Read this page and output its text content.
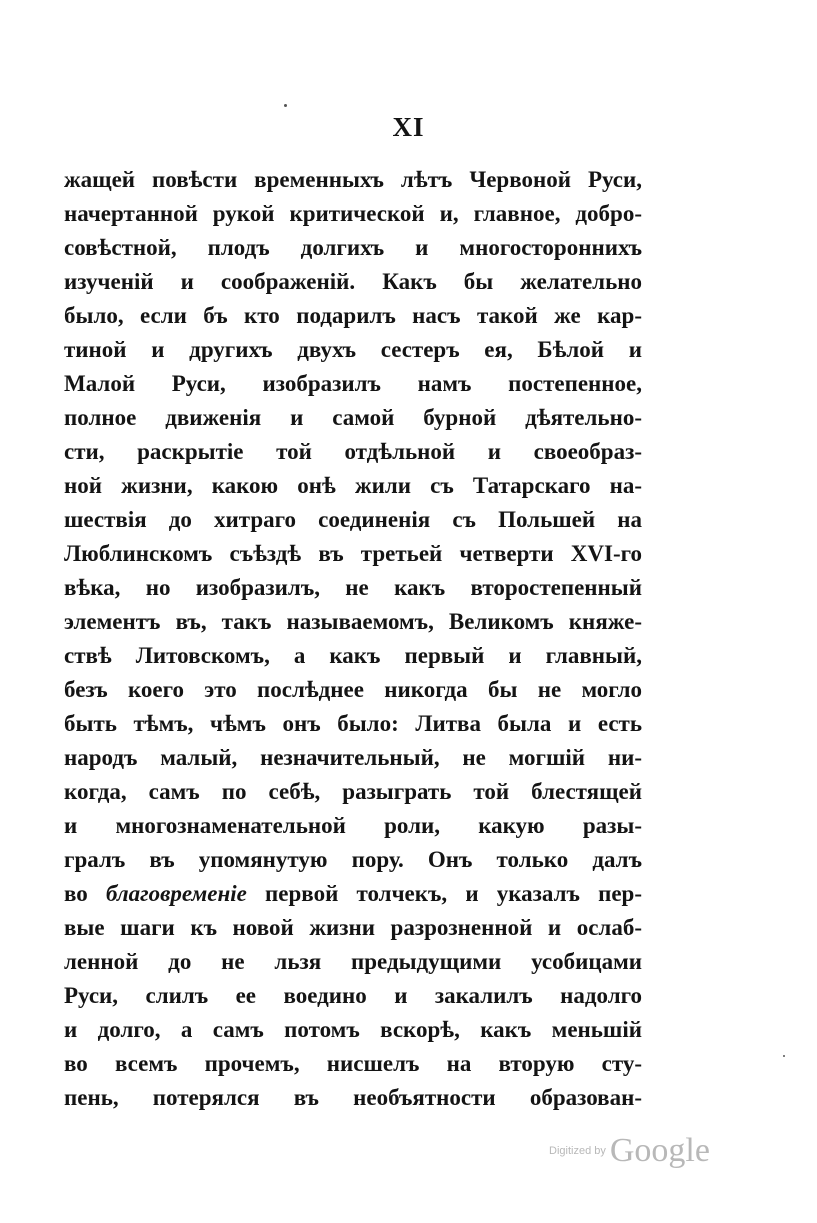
XI
жащей повѣсти временныхъ лѣтъ Червоной Руси,
начертанной рукой критической и, главное, добро-
совѣстной, плодъ долгихъ и многостороннихъ
изученій и соображеній. Какъ бы желательно
было, если бъ кто подарилъ насъ такой же кар-
тиной и другихъ двухъ сестеръ ея, Бѣлой и
Малой Руси, изобразилъ намъ постепенное,
полное движенія и самой бурной дѣятельно-
сти, раскрытіе той отдѣльной и своеобраз-
ной жизни, какою онѣ жили съ Татарскаго на-
шествія до хитраго соединенія съ Польшей на
Люблинскомъ съѣздѣ въ третьей четверти XVI-го
вѣка, но изобразилъ, не какъ второстепенный
элементъ въ, такъ называемомъ, Великомъ княже-
ствѣ Литовскомъ, а какъ первый и главный,
безъ коего это послѣднее никогда бы не могло
быть тѣмъ, чѣмъ онъ было: Литва была и есть
народъ малый, незначительный, не могшій ни-
когда, самъ по себѣ, разыграть той блестящей
и многознаменательной роли, какую разы-
гралъ въ упомянутую пору. Онъ только далъ
во благовременіе первой толчекъ, и указалъ пер-
вые шаги къ новой жизни разрозненной и ослаб-
ленной до не льзя предыдущими усобицами
Руси, слилъ ее воедино и закалилъ надолго
и долго, а самъ потомъ вскорѣ, какъ меньшій
во всемъ прочемъ, нисшелъ на вторую сту-
пень, потерялся въ необъятности образован-
Digitized by Google
